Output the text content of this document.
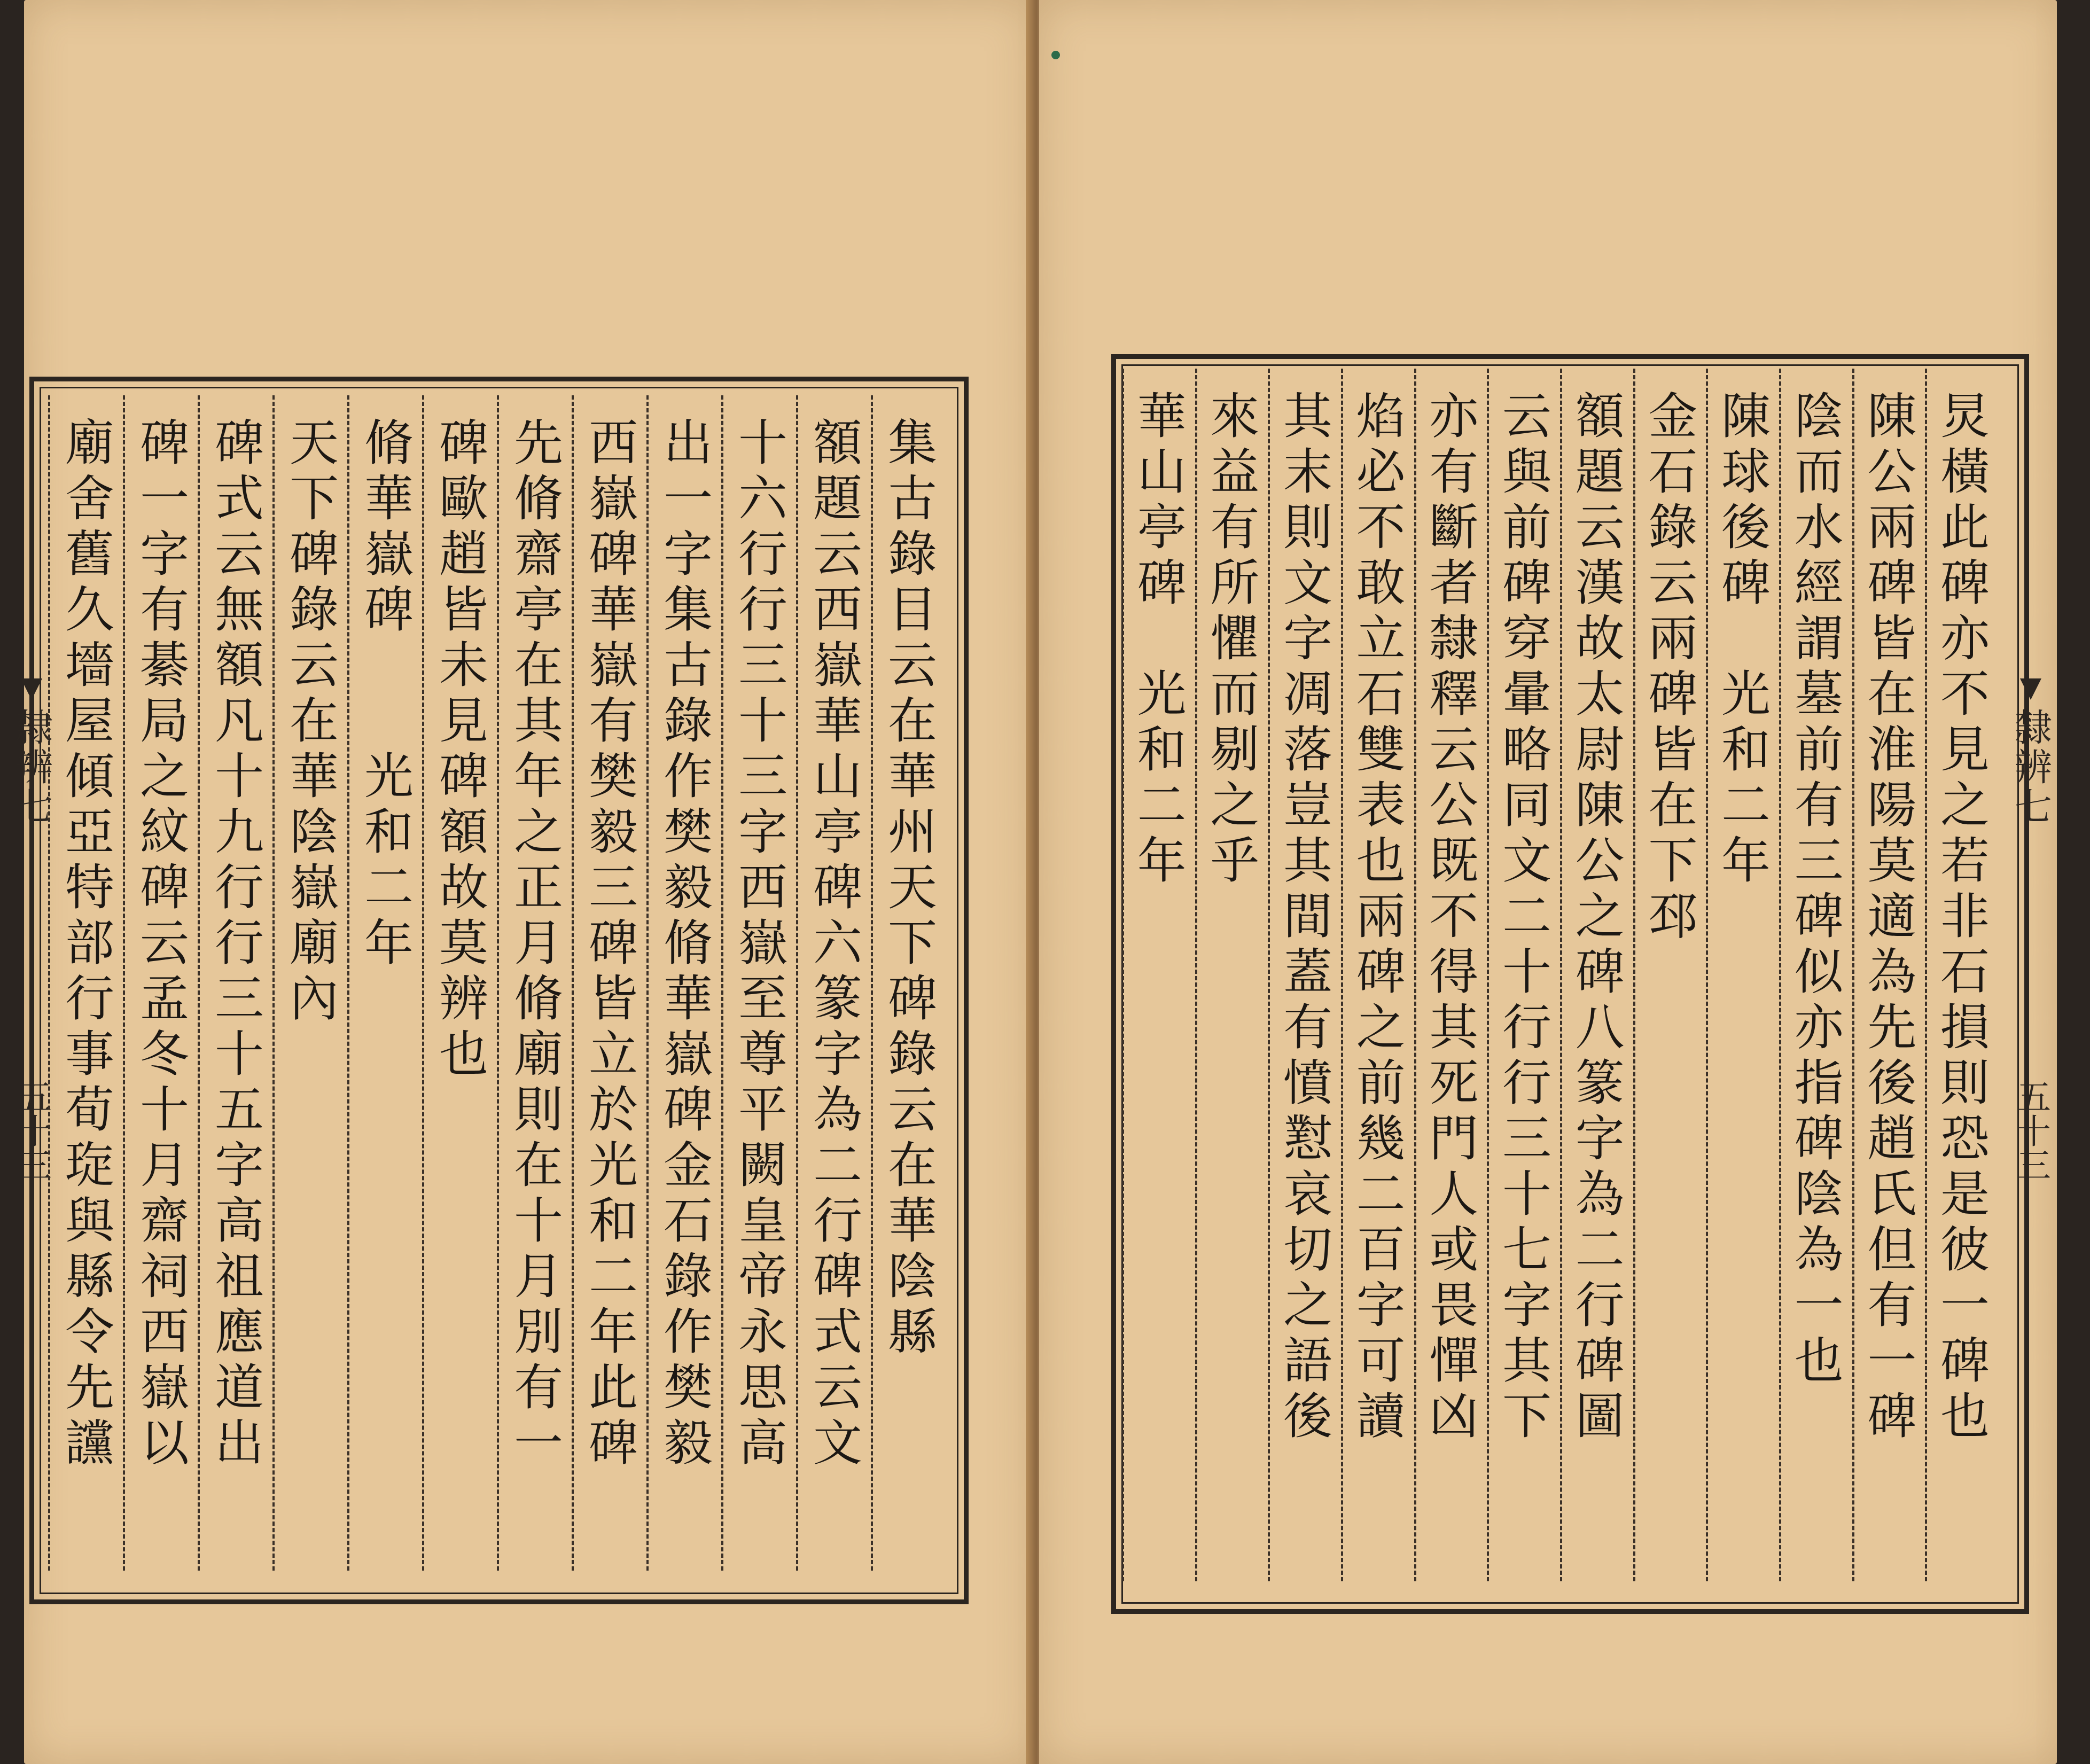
隸辨七
五十三
隸辨七
五十三
集古錄目云在華州天下碑錄云在華陰縣
額題云西嶽華山亭碑六篆字為二行碑式云文
十六行行三十三字西嶽至尊平闕皇帝永思高
出一字集古錄作樊毅脩華嶽碑金石錄作樊毅
西嶽碑華嶽有樊毅三碑皆立於光和二年此碑
先脩齋亭在其年之正月脩廟則在十月別有一
碑歐趙皆未見碑額故莫辨也
脩華嶽碑　　光和二年
天下碑錄云在華陰嶽廟內
碑式云無額凡十九行行三十五字高祖應道出
碑一字有綦局之紋碑云孟冬十月齋祠西嶽以
廟舍舊久墻屋傾亞特部行事荀琁與縣令先讜	炅橫此碑亦不見之若非石損則恐是彼一碑也
陳公兩碑皆在淮陽莫適為先後趙氏但有一碑
陰而水經謂墓前有三碑似亦指碑陰為一也
陳球後碑　光和二年
金石錄云兩碑皆在下邳
額題云漢故太尉陳公之碑八篆字為二行碑圖
云與前碑穿暈略同文二十行行三十七字其下
亦有斷者隸釋云公既不得其死門人或畏憚凶
焰必不敢立石雙表也兩碑之前幾二百字可讀
其末則文字凋落豈其間蓋有憤懟哀切之語後
來益有所懼而剔之乎
華山亭碑　光和二年
